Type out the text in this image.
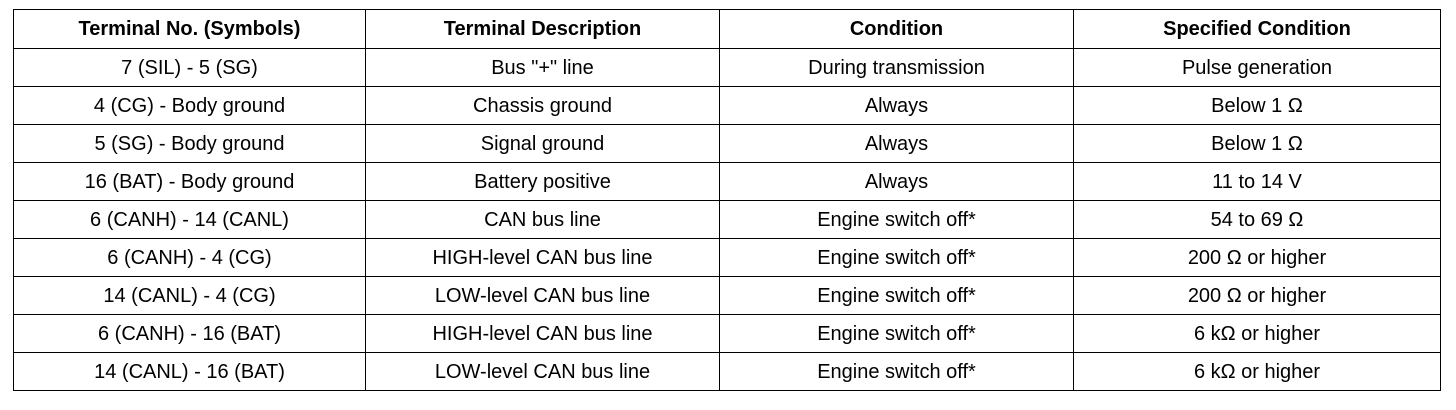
Terminal No. (Symbols)	Terminal Description	Condition	Specified Condition
7 (SIL) - 5 (SG)	Bus "+" line	During transmission	Pulse generation
4 (CG) - Body ground	Chassis ground	Always	Below 1 Ω
5 (SG) - Body ground	Signal ground	Always	Below 1 Ω
16 (BAT) - Body ground	Battery positive	Always	11 to 14 V
6 (CANH) - 14 (CANL)	CAN bus line	Engine switch off*	54 to 69 Ω
6 (CANH) - 4 (CG)	HIGH-level CAN bus line	Engine switch off*	200 Ω or higher
14 (CANL) - 4 (CG)	LOW-level CAN bus line	Engine switch off*	200 Ω or higher
6 (CANH) - 16 (BAT)	HIGH-level CAN bus line	Engine switch off*	6 kΩ or higher
14 (CANL) - 16 (BAT)	LOW-level CAN bus line	Engine switch off*	6 kΩ or higher
